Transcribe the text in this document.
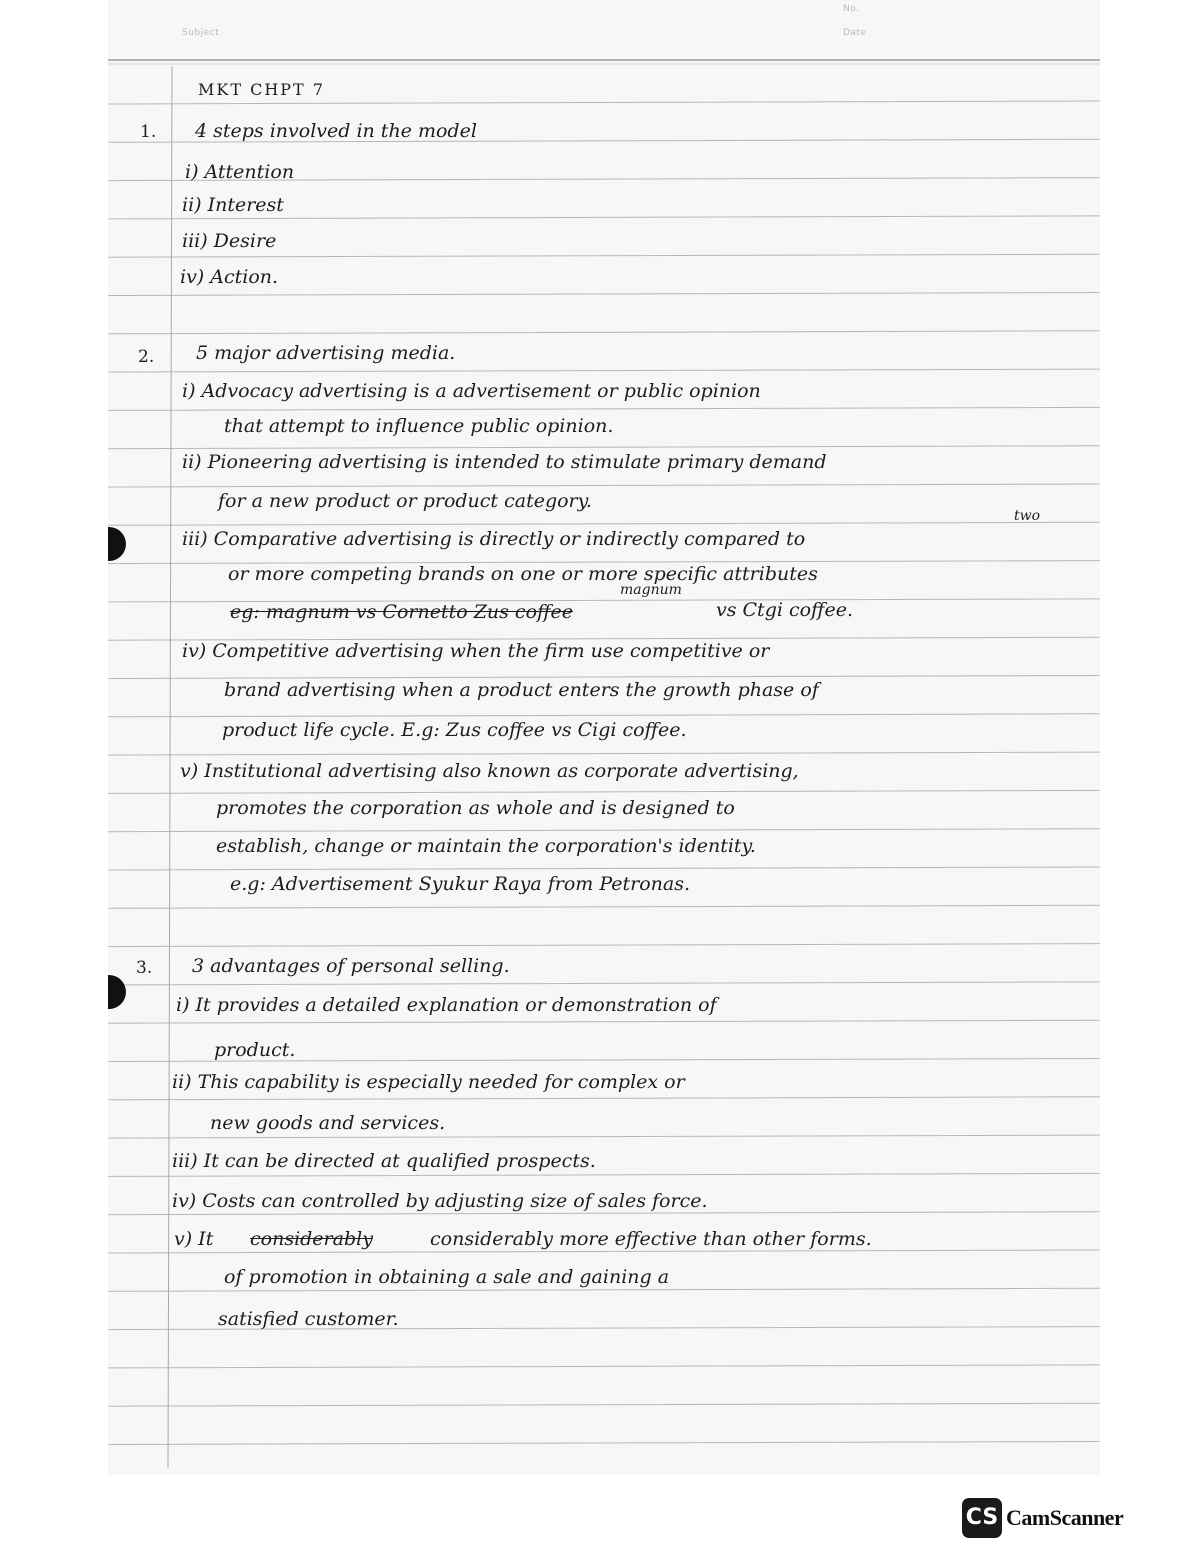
Subject
No.
Date
MKT CHPT 7
1. 4 steps involved in the model
i) Attention
ii) Interest
iii) Desire
iv) Action.
2. 5 major advertising media.
i) Advocacy advertising is a advertisement or public opinion
that attempt to influence public opinion.
ii) Pioneering advertising is intended to stimulate primary demand
for a new product or product category.
iii) Comparative advertising is directly or indirectly compared to
two
or more competing brands on one or more specific attributes
magnum
eg: magnum vs Cornetto Zus coffee	vs Ctgi coffee.
iv) Competitive advertising when the firm use competitive or
brand advertising when a product enters the growth phase of
product life cycle. E.g: Zus coffee vs Cigi coffee.
v) Institutional advertising also known as corporate advertising,
promotes the corporation as whole and is designed to
establish, change or maintain the corporation's identity.
e.g: Advertisement Syukur Raya from Petronas.
3. 3 advantages of personal selling.
i) It provides a detailed explanation or demonstration of
product.
ii) This capability is especially needed for complex or
new goods and services.
iii) It can be directed at qualified prospects.
iv) Costs can controlled by adjusting size of sales force.
v) It considerably	considerably more effective than other forms.
of promotion in obtaining a sale and gaining a
satisfied customer.
CS CamScanner
